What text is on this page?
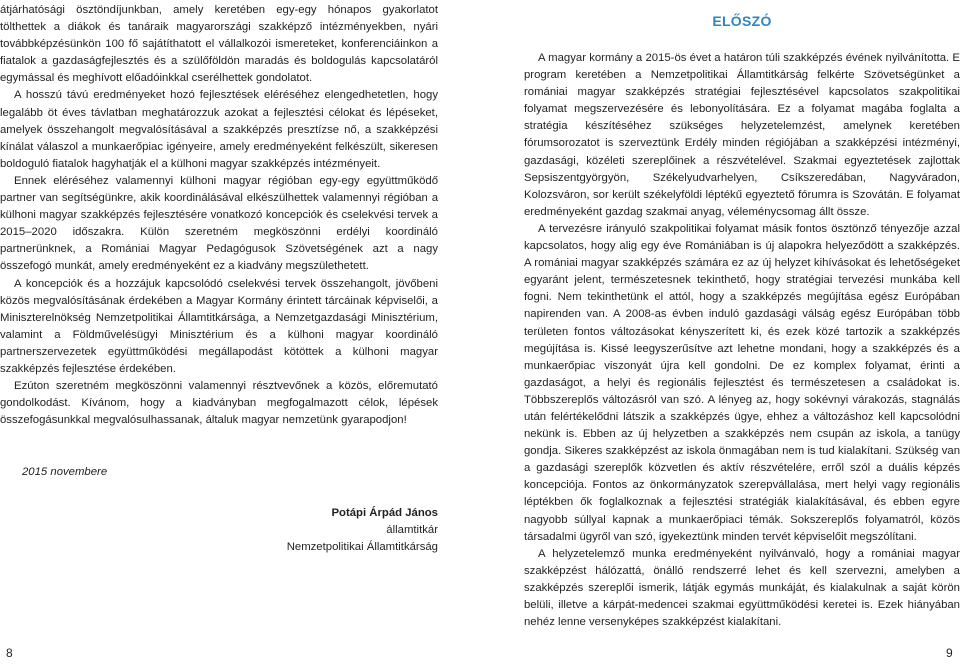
átjárhatósági ösztöndíjunkban, amely keretében egy-egy hónapos gyakorlatot tölthettek a diákok és tanáraik magyarországi szakképző intézményekben, nyári továbbképzésünkön 100 fő sajátíthatott el vállalkozói ismereteket, konferenciáinkon a fiatalok a gazdaságfejlesztés és a szülőföldön maradás és boldogulás kapcsolatáról egymással és meghívott előadóinkkal cserélhettek gondolatot.

A hosszú távú eredményeket hozó fejlesztések eléréséhez elengedhetetlen, hogy legalább öt éves távlatban meghatározzuk azokat a fejlesztési célokat és lépéseket, amelyek összehangolt megvalósításával a szakképzés presztízse nő, a szakképzési kínálat válaszol a munkaerőpiac igényeire, amely eredményeként felkészült, sikeresen boldoguló fiatalok hagyhatják el a külhoni magyar szakképzés intézményeit.

Ennek eléréséhez valamennyi külhoni magyar régióban egy-egy együttműködő partner van segítségünkre, akik koordinálásával elkészülhettek valamennyi régióban a külhoni magyar szakképzés fejlesztésére vonatkozó koncepciók és cselekvési tervek a 2015–2020 időszakra. Külön szeretném megköszönni erdélyi koordináló partnerünknek, a Romániai Magyar Pedagógusok Szövetségének azt a nagy összefogó munkát, amely eredményeként ez a kiadvány megszülethetett.

A koncepciók és a hozzájuk kapcsolódó cselekvési tervek összehangolt, jövőbeni közös megvalósításának érdekében a Magyar Kormány érintett tárcáinak képviselői, a Miniszterelnökség Nemzetpolitikai Államtitkársága, a Nemzetgazdasági Minisztérium, valamint a Földművelésügyi Minisztérium és a külhoni magyar koordináló partnerszervezetek együttműködési megállapodást kötöttek a külhoni magyar szakképzés fejlesztése érdekében.

Ezúton szeretném megköszönni valamennyi résztvevőnek a közös, előremutató gondolkodást. Kívánom, hogy a kiadványban megfogalmazott célok, lépések összefogásunkkal megvalósulhassanak, általuk magyar nemzetünk gyarapodjon!

2015 novembere
Potápi Árpád János
államtitkár
Nemzetpolitikai Államtitkárság
ELŐSZÓ

A magyar kormány a 2015-ös évet a határon túli szakképzés évének nyilvánította. E program keretében a Nemzetpolitikai Államtitkárság felkérte Szövetségünket a romániai magyar szakképzés stratégiai fejlesztésével kapcsolatos szakpolitikai folyamat megszervezésére és lebonyolítására. Ez a folyamat magába foglalta a stratégia készítéséhez szükséges helyzetelemzést, amelynek keretében fórumsorozatot is szerveztünk Erdély minden régiójában a szakképzési intézményi, gazdasági, közéleti szereplőinek a részvételével. Szakmai egyeztetések zajlottak Sepsiszentgyörgyön, Székelyudvarhelyen, Csíkszeredában, Nagyváradon, Kolozsváron, sor került székelyföldi léptékű egyeztető fórumra is Szovátán. E folyamat eredményeként gazdag szakmai anyag, véleménycsomag állt össze.

A tervezésre irányuló szakpolitikai folyamat másik fontos ösztönző tényezője azzal kapcsolatos, hogy alig egy éve Romániában is új alapokra helyeződött a szakképzés. A romániai magyar szakképzés számára ez az új helyzet kihívásokat és lehetőségeket egyaránt jelent, természetesnek tekinthető, hogy stratégiai tervezési munkába kell fogni. Nem tekinthetünk el attól, hogy a szakképzés megújítása egész Európában napirenden van. A 2008-as évben induló gazdasági válság egész Európában több területen fontos változásokat kényszerített ki, és ezek közé tartozik a szakképzés megújítása is. Kissé leegyszerűsítve azt lehetne mondani, hogy a szakképzés és a munkaerőpiac viszonyát újra kell gondolni. De ez komplex folyamat, érinti a gazdaságot, a helyi és regionális fejlesztést és természetesen a családokat is. Többszereplős változásról van szó. A lényeg az, hogy sokévnyi várakozás, stagnálás után felértékelődni látszik a szakképzés ügye, ehhez a változáshoz kell kapcsolódni nekünk is. Ebben az új helyzetben a szakképzés nem csupán az iskola, a tanügy gondja. Sikeres szakképzést az iskola önmagában nem is tud kialakítani. Szükség van a gazdasági szereplők közvetlen és aktív részvételére, erről szól a duális képzés koncepciója. Fontos az önkormányzatok szerepvállalása, mert helyi vagy regionális léptékben ők foglalkoznak a fejlesztési stratégiák kialakításával, és ebben egyre nagyobb súllyal kapnak a munkaerőpiaci témák. Sokszereplős folyamatról, közös társadalmi ügyről van szó, igyekeztünk minden tervét képviselőit megszólítani.

A helyzetelemző munka eredményeként nyilvánvaló, hogy a romániai magyar szakképzést hálózattá, önálló rendszerré lehet és kell szervezni, amelyben a szakképzés szereplői ismerik, látják egymás munkáját, és kialakulnak a saját körön belüli, illetve a kárpát-medencei szakmai együttműködési keretei is. Ezek hiányában nehéz lenne versenyképes szakképzést kialakítani.

8	9
